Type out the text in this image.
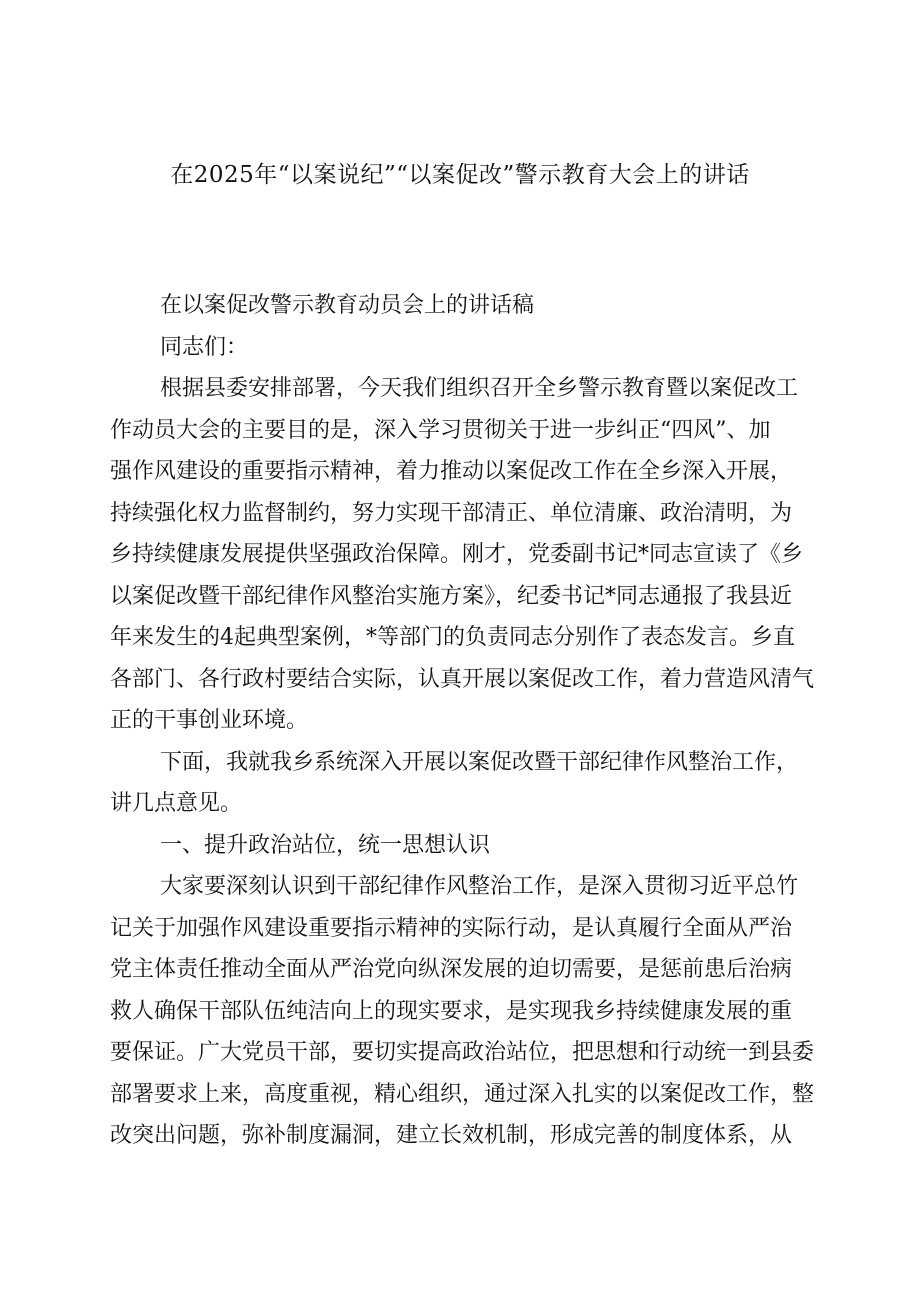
在2025年“以案说纪”“以案促改”警示教育大会上的讲话
在以案促改警示教育动员会上的讲话稿
同志们：
根据县委安排部署，今天我们组织召开全乡警示教育暨以案促改工
作动员大会的主要目的是，深入学习贯彻关于进一步纠正“四风”、加
强作风建设的重要指示精神，着力推动以案促改工作在全乡深入开展，
持续强化权力监督制约，努力实现干部清正、单位清廉、政治清明，为
乡持续健康发展提供坚强政治保障。刚才，党委副书记*同志宣读了《乡
以案促改暨干部纪律作风整治实施方案》，纪委书记*同志通报了我县近
年来发生的4起典型案例，*等部门的负责同志分别作了表态发言。乡直
各部门、各行政村要结合实际，认真开展以案促改工作，着力营造风清气
正的干事创业环境。
下面，我就我乡系统深入开展以案促改暨干部纪律作风整治工作，
讲几点意见。
一、提升政治站位，统一思想认识
大家要深刻认识到干部纪律作风整治工作，是深入贯彻习近平总竹
记关于加强作风建设重要指示精神的实际行动，是认真履行全面从严治
党主体责任推动全面从严治党向纵深发展的迫切需要，是惩前患后治病
救人确保干部队伍纯洁向上的现实要求，是实现我乡持续健康发展的重
要保证。广大党员干部，要切实提高政治站位，把思想和行动统一到县委
部署要求上来，高度重视，精心组织，通过深入扎实的以案促改工作，整
改突出问题，弥补制度漏洞，建立长效机制，形成完善的制度体系，从
